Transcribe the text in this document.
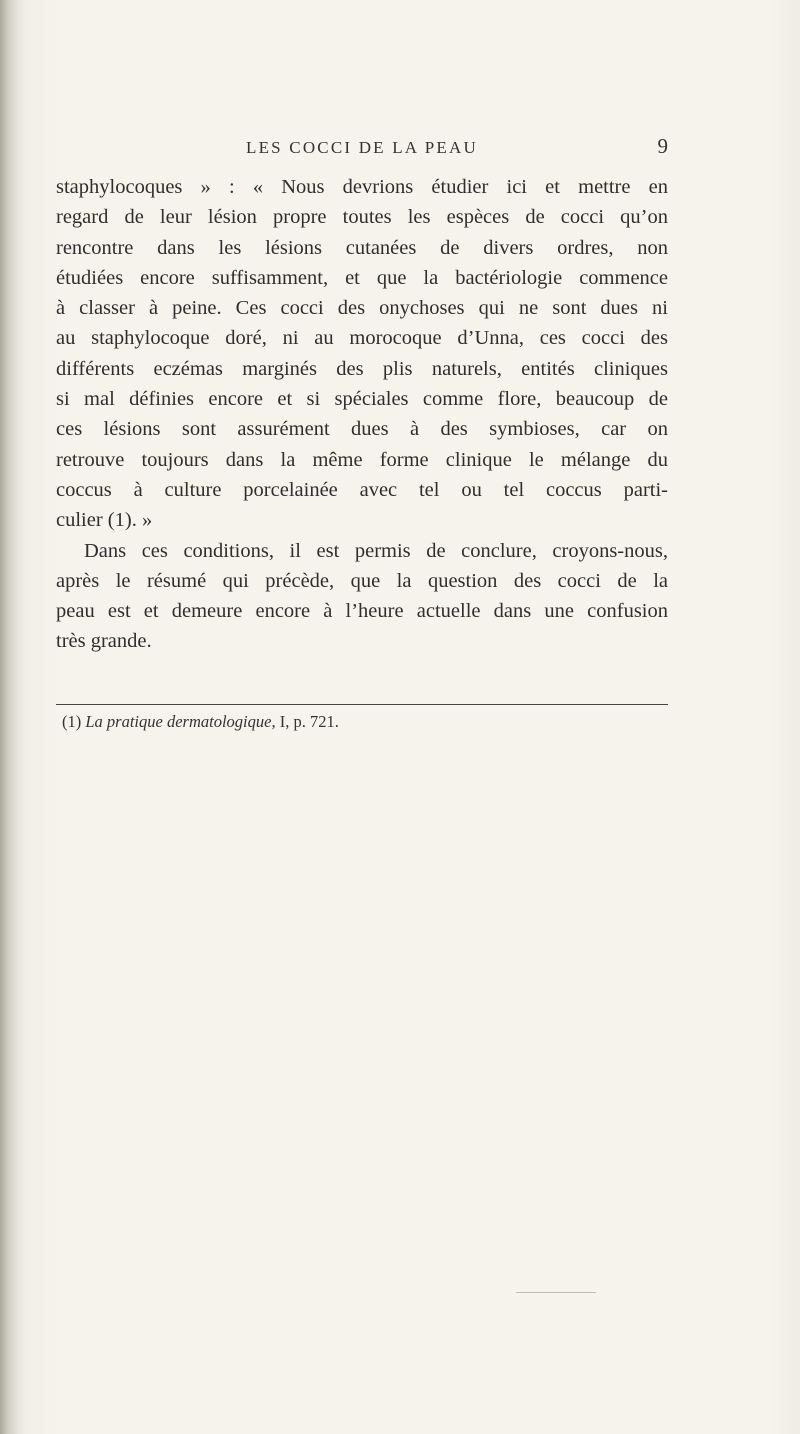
LES COCCI DE LA PEAU	9
staphylocoques » : « Nous devrions étudier ici et mettre en
regard de leur lésion propre toutes les espèces de cocci qu’on
rencontre dans les lésions cutanées de divers ordres, non
étudiées encore suffisamment, et que la bactériologie commence
à classer à peine. Ces cocci des onychoses qui ne sont dues ni
au staphylocoque doré, ni au morocoque d’Unna, ces cocci des
différents eczémas marginés des plis naturels, entités cliniques
si mal définies encore et si spéciales comme flore, beaucoup de
ces lésions sont assurément dues à des symbioses, car on
retrouve toujours dans la même forme clinique le mélange du
coccus à culture porcelainée avec tel ou tel coccus parti-
culier (1). »
Dans ces conditions, il est permis de conclure, croyons-nous,
après le résumé qui précède, que la question des cocci de la
peau est et demeure encore à l’heure actuelle dans une confusion
très grande.
(1) La pratique dermatologique, I, p. 721.
